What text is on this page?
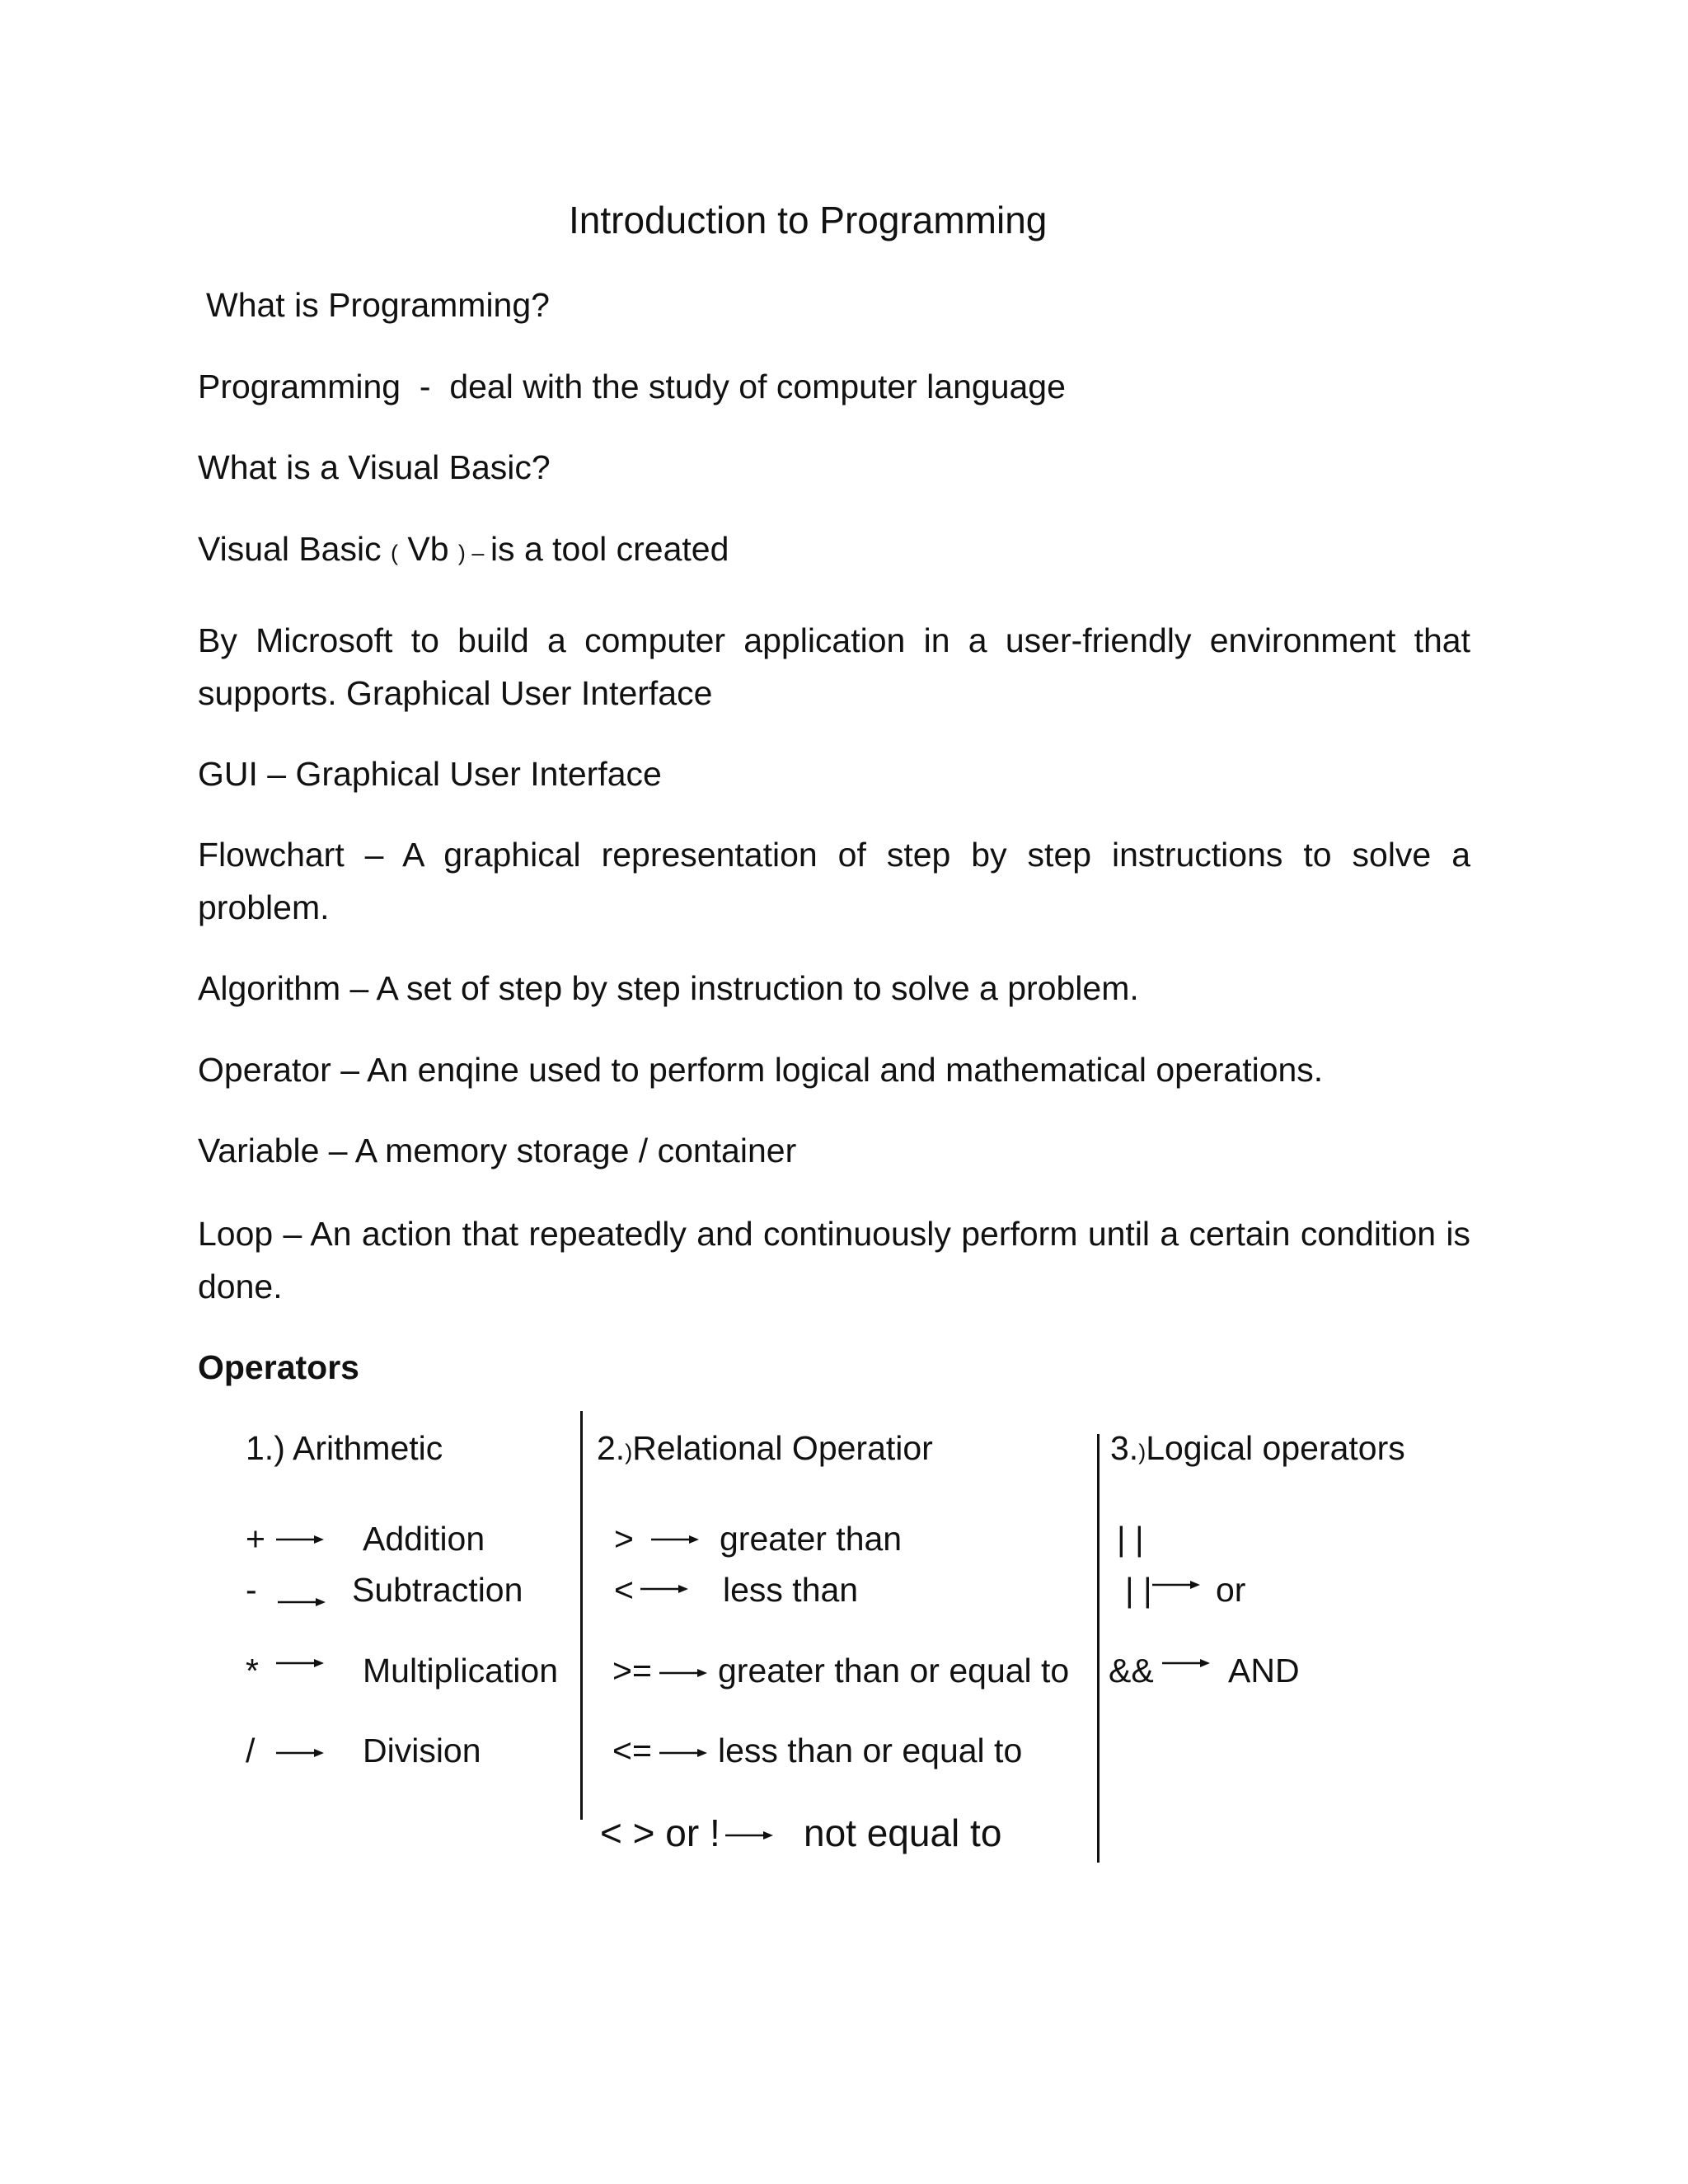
Introduction to Programming
What is Programming?
Programming  -  deal with the study of computer language
What is a Visual Basic?
Visual Basic ( Vb ) – is a tool created
By Microsoft to build a computer application in a user-friendly environment that supports. Graphical User Interface
GUI – Graphical User Interface
Flowchart – A graphical representation of step by step instructions to solve a problem.
Algorithm – A set of step by step instruction to solve a problem.
Operator – An enqine used to perform logical and mathematical operations.
Variable – A memory storage / container
Loop – An action that repeatedly and continuously perform until a certain condition is done.
Operators
1.) Arithmetic
+	Addition
-	Subtraction
*	Multiplication
/	Division
2.)Relational Operatior
>	greater than
<	less than
>= greater than or equal to
<= less than or equal to
< > or ! not equal to
3.)Logical operators
| |
| | or
&& AND
